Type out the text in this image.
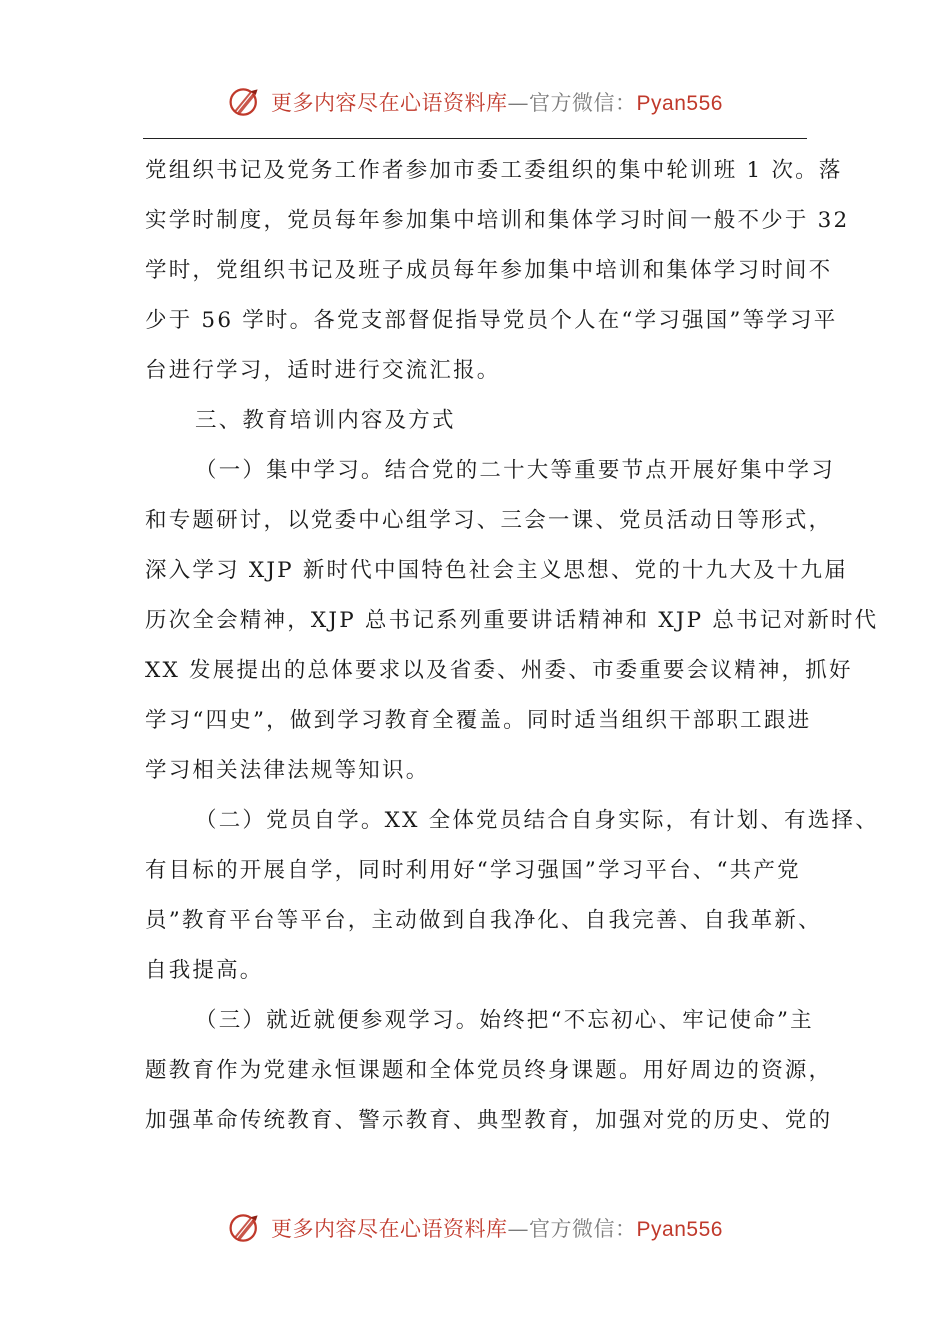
更多内容尽在心语资料库—官方微信：Pyan556
党组织书记及党务工作者参加市委工委组织的集中轮训班 1 次。落
实学时制度，党员每年参加集中培训和集体学习时间一般不少于 32
学时，党组织书记及班子成员每年参加集中培训和集体学习时间不
少于 56 学时。各党支部督促指导党员个人在“学习强国”等学习平
台进行学习，适时进行交流汇报。
三、教育培训内容及方式
（一）集中学习。结合党的二十大等重要节点开展好集中学习
和专题研讨，以党委中心组学习、三会一课、党员活动日等形式，
深入学习 XJP 新时代中国特色社会主义思想、党的十九大及十九届
历次全会精神，XJP 总书记系列重要讲话精神和 XJP 总书记对新时代
XX 发展提出的总体要求以及省委、州委、市委重要会议精神，抓好
学习“四史”，做到学习教育全覆盖。同时适当组织干部职工跟进
学习相关法律法规等知识。
（二）党员自学。XX 全体党员结合自身实际，有计划、有选择、
有目标的开展自学，同时利用好“学习强国”学习平台、“共产党
员”教育平台等平台，主动做到自我净化、自我完善、自我革新、
自我提高。
（三）就近就便参观学习。始终把“不忘初心、牢记使命”主
题教育作为党建永恒课题和全体党员终身课题。用好周边的资源，
加强革命传统教育、警示教育、典型教育，加强对党的历史、党的
更多内容尽在心语资料库—官方微信：Pyan556
